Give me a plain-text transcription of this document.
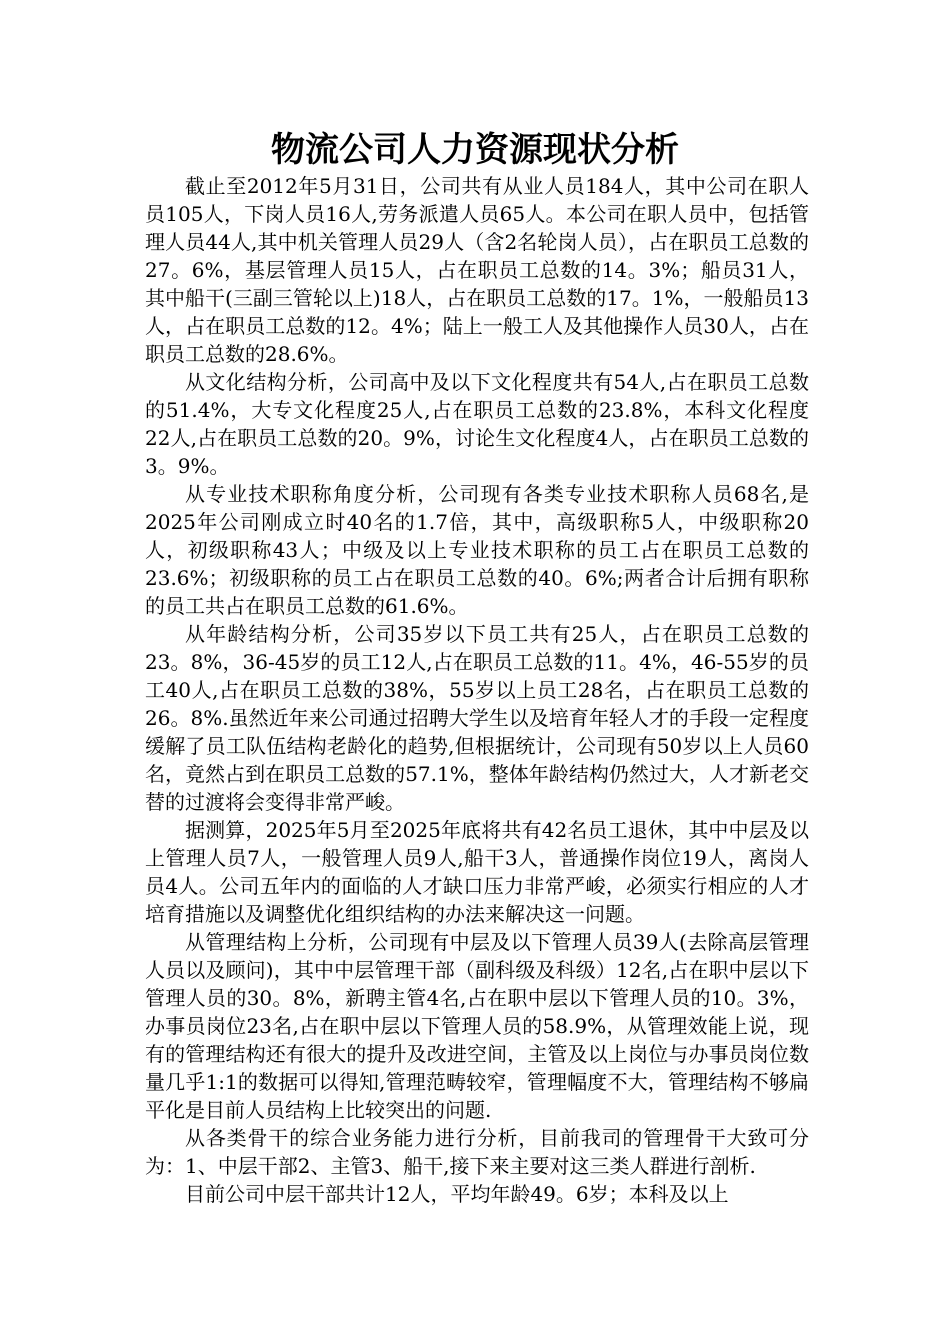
物流公司人力资源现状分析

截止至2012年5月31日，公司共有从业人员184人，其中公司在职人员105人，下岗人员16人,劳务派遣人员65人。本公司在职人员中，包括管理人员44人,其中机关管理人员29人（含2名轮岗人员），占在职员工总数的27。6%，基层管理人员15人，占在职员工总数的14。3%；船员31人，其中船干(三副三管轮以上)18人，占在职员工总数的17。1%，一般船员13人，占在职员工总数的12。4%；陆上一般工人及其他操作人员30人，占在职员工总数的28.6%。

从文化结构分析，公司高中及以下文化程度共有54人,占在职员工总数的51.4%，大专文化程度25人,占在职员工总数的23.8%，本科文化程度22人,占在职员工总数的20。9%，讨论生文化程度4人，占在职员工总数的3。9%。

从专业技术职称角度分析，公司现有各类专业技术职称人员68名,是2025年公司刚成立时40名的1.7倍，其中，高级职称5人，中级职称20人，初级职称43人；中级及以上专业技术职称的员工占在职员工总数的23.6%；初级职称的员工占在职员工总数的40。6%;两者合计后拥有职称的员工共占在职员工总数的61.6%。

从年龄结构分析，公司35岁以下员工共有25人，占在职员工总数的23。8%，36-45岁的员工12人,占在职员工总数的11。4%，46-55岁的员工40人,占在职员工总数的38%，55岁以上员工28名，占在职员工总数的26。8%.虽然近年来公司通过招聘大学生以及培育年轻人才的手段一定程度缓解了员工队伍结构老龄化的趋势,但根据统计，公司现有50岁以上人员60名，竟然占到在职员工总数的57.1%，整体年龄结构仍然过大，人才新老交替的过渡将会变得非常严峻。

据测算，2025年5月至2025年底将共有42名员工退休，其中中层及以上管理人员7人，一般管理人员9人,船干3人，普通操作岗位19人，离岗人员4人。公司五年内的面临的人才缺口压力非常严峻，必须实行相应的人才培育措施以及调整优化组织结构的办法来解决这一问题。

从管理结构上分析，公司现有中层及以下管理人员39人(去除高层管理人员以及顾问)，其中中层管理干部（副科级及科级）12名,占在职中层以下管理人员的30。8%，新聘主管4名,占在职中层以下管理人员的10。3%，办事员岗位23名,占在职中层以下管理人员的58.9%，从管理效能上说，现有的管理结构还有很大的提升及改进空间，主管及以上岗位与办事员岗位数量几乎1:1的数据可以得知,管理范畴较窄，管理幅度不大，管理结构不够扁平化是目前人员结构上比较突出的问题.

从各类骨干的综合业务能力进行分析，目前我司的管理骨干大致可分为：1、中层干部2、主管3、船干,接下来主要对这三类人群进行剖析.

目前公司中层干部共计12人，平均年龄49。6岁；本科及以上
